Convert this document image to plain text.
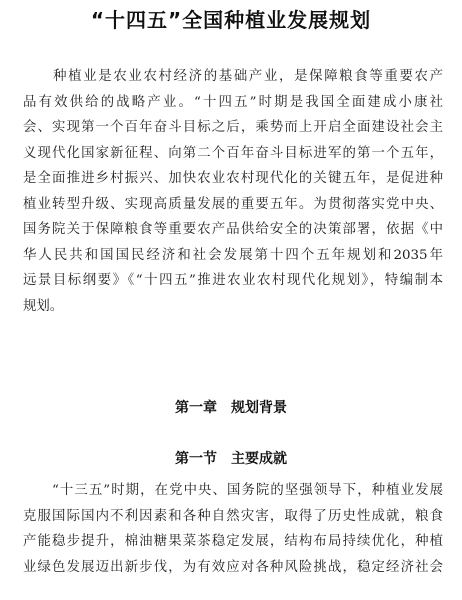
“十四五”全国种植业发展规划
　　种植业是农业农村经济的基础产业，是保障粮食等重要农产
品有效供给的战略产业。“十四五”时期是我国全面建成小康社
会、实现第一个百年奋斗目标之后，乘势而上开启全面建设社会主
义现代化国家新征程、向第二个百年奋斗目标进军的第一个五年，
是全面推进乡村振兴、加快农业农村现代化的关键五年，是促进种
植业转型升级、实现高质量发展的重要五年。为贯彻落实党中央、
国务院关于保障粮食等重要农产品供给安全的决策部署，依据《中
华人民共和国国民经济和社会发展第十四个五年规划和2035年
远景目标纲要》《“十四五”推进农业农村现代化规划》，特编制本
规划。
第一章　规划背景
第一节　主要成就
　　“十三五”时期，在党中央、国务院的坚强领导下，种植业发展
克服国际国内不利因素和各种自然灾害，取得了历史性成就，粮食
产能稳步提升，棉油糖果菜茶稳定发展，结构布局持续优化，种植
业绿色发展迈出新步伐，为有效应对各种风险挑战，稳定经济社会
